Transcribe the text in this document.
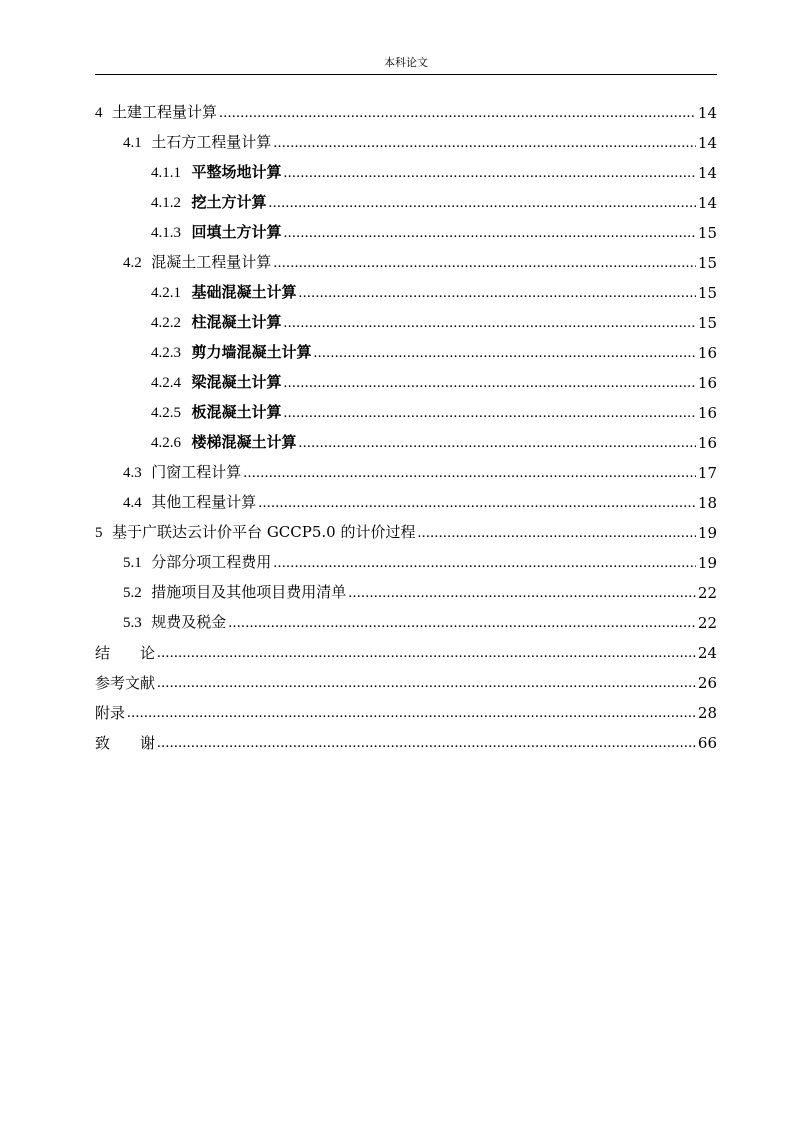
本科论文
4 土建工程量计算 .....	14
4.1 土石方工程量计算 .....	14
4.1.1 平整场地计算 .....	14
4.1.2 挖土方计算 .....	14
4.1.3 回填土方计算 .....	15
4.2 混凝土工程量计算 .....	15
4.2.1 基础混凝土计算 .....	15
4.2.2 柱混凝土计算 .....	15
4.2.3 剪力墙混凝土计算 .....	16
4.2.4 梁混凝土计算 .....	16
4.2.5 板混凝土计算 .....	16
4.2.6 楼梯混凝土计算 .....	16
4.3 门窗工程计算 .....	17
4.4 其他工程量计算 .....	18
5 基于广联达云计价平台 GCCP5.0 的计价过程 .....	19
5.1 分部分项工程费用 .....	19
5.2 措施项目及其他项目费用清单 .....	22
5.3 规费及税金 .....	22
结　　论 .....	24
参考文献 .....	26
附录 .....	28
致　　谢 .....	66
